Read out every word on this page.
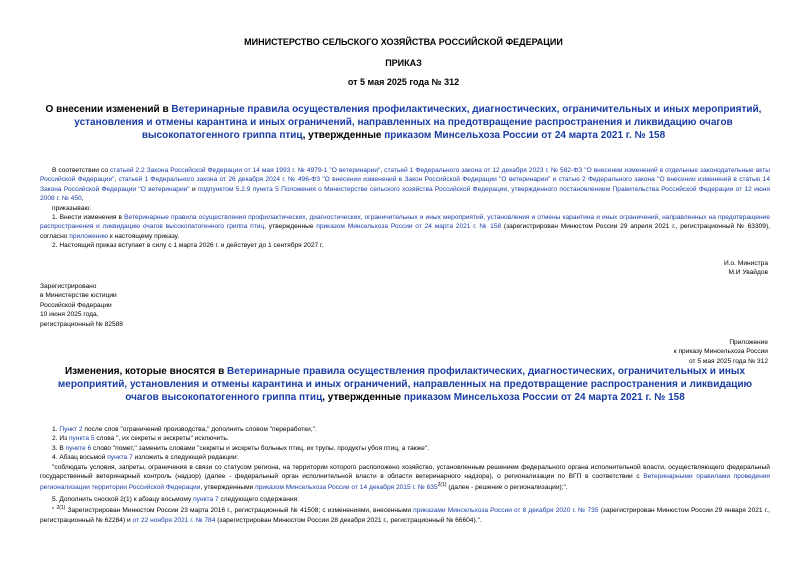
МИНИСТЕРСТВО СЕЛЬСКОГО ХОЗЯЙСТВА РОССИЙСКОЙ ФЕДЕРАЦИИ
ПРИКАЗ
от 5 мая 2025 года № 312
О внесении изменений в Ветеринарные правила осуществления профилактических, диагностических, ограничительных и иных мероприятий, установления и отмены карантина и иных ограничений, направленных на предотвращение распространения и ликвидацию очагов высокопатогенного гриппа птиц, утвержденные приказом Минсельхоза России от 24 марта 2021 г. № 158

В соответствии со статьей 2.2 Закона Российской Федерации от 14 мая 1993 г. № 4979-1 "О ветеринарии", статьей 1 Федерального закона от 12 декабря 2023 г. № 582-ФЗ "О внесении изменений в отдельные законодательные акты Российской Федерации", статьей 1 Федерального закона от 26 декабря 2024 г. № 496-ФЗ "О внесении изменений в Закон Российской Федерации "О ветеринарии" и статью 2 Федерального закона "О внесении изменений в статью 14 Закона Российской Федерации "О ветеринарии" и подпунктом 5.2.9 пункта 5 Положения о Министерстве сельского хозяйства Российской Федерации, утвержденного постановлением Правительства Российской Федерации от 12 июня 2008 г. № 450,

приказываю:

1. Внести изменения в Ветеринарные правила осуществления профилактических, диагностических, ограничительных и иных мероприятий, установления и отмены карантина и иных ограничений, направленных на предотвращение распространения и ликвидацию очагов высокопатогенного гриппа птиц, утвержденные приказом Минсельхоза России от 24 марта 2021 г. № 158 (зарегистрирован Минюстом России 29 апреля 2021 г., регистрационный № 63309), согласно приложению к настоящему приказу.

2. Настоящий приказ вступает в силу с 1 марта 2026 г. и действует до 1 сентября 2027 г.

И.о. Министра
М.И Увайдов
Зарегистрировано
в Министерстве юстиции
Российской Федерации
10 июня 2025 года,
регистрационный № 82588
Приложение
к приказу Минсельхоза России
от 5 мая 2025 года № 312
Изменения, которые вносятся в Ветеринарные правила осуществления профилактических, диагностических, ограничительных и иных мероприятий, установления и отмены карантина и иных ограничений, направленных на предотвращение распространения и ликвидацию очагов высокопатогенного гриппа птиц, утвержденные приказом Минсельхоза России от 24 марта 2021 г. № 158

1. Пункт 2 после слов "ограничений производства," дополнить словом "переработки,".

2. Из пункта 5 слова ", их секреты и экскреты" исключить.

3. В пункте 6 слово "помет," заменить словами "секреты и экскреты больных птиц, их трупы, продукты убоя птиц, а также".

4. Абзац восьмой пункта 7 изложить в следующей редакции:

"соблюдать условия, запреты, ограничения в связи со статусом региона, на территории которого расположено хозяйство, установленным решением федерального органа исполнительной власти, осуществляющего федеральный государственный ветеринарный контроль (надзор) (далее - федеральный орган исполнительной власти в области ветеринарного надзора), о регионализации по ВГП в соответствии с Ветеринарными правилами проведения регионализации территории Российской Федерации, утвержденными приказом Минсельхоза России от 14 декабря 2015 г. № $635^{2(1)}$ (далее - решение о регионализации);".

5. Дополнить сноской 2(1) к абзацу восьмому пункта 7 следующего содержания:

" $^{2(1)}$ Зарегистрирован Минюстом России 23 марта 2016 г., регистрационный № 41508; с изменениями, внесенными приказами Минсельхоза России от 8 декабря 2020 г. № 735 (зарегистрирован Минюстом России 29 января 2021 г., регистрационный № 62284) и от 22 ноября 2021 г. № 784 (зарегистрирован Минюстом России 28 декабря 2021 г., регистрационный № 66604).".
